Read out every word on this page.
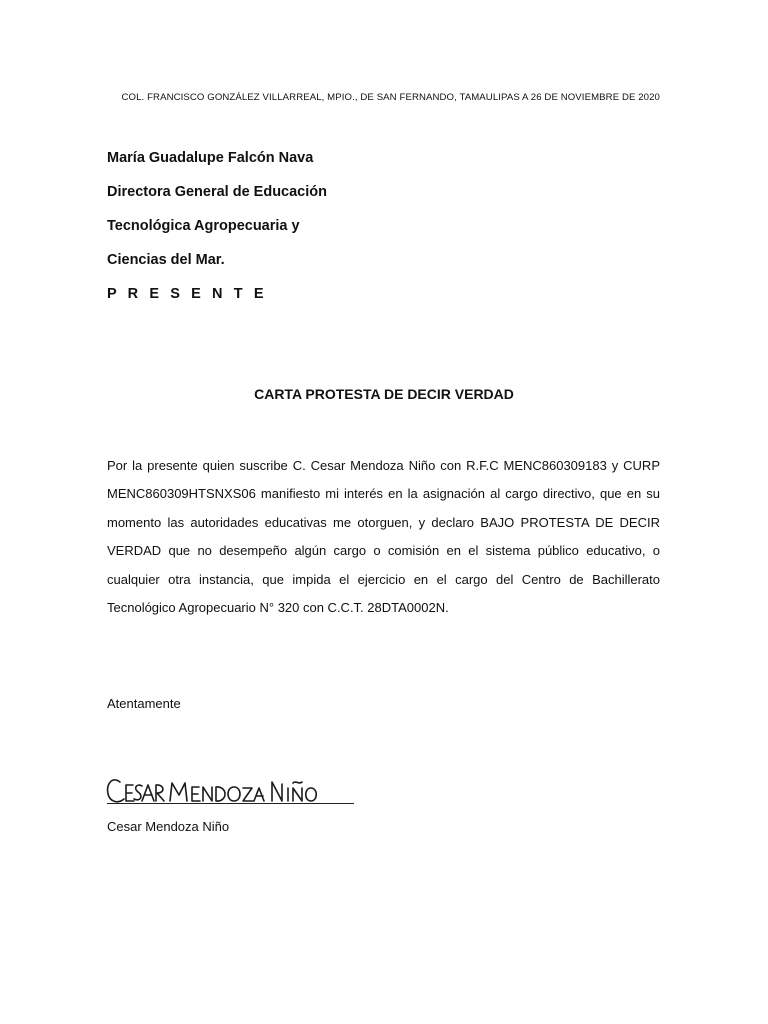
COL. FRANCISCO GONZÁLEZ VILLARREAL, MPIO., DE SAN FERNANDO, TAMAULIPAS A 26 DE NOVIEMBRE DE 2020
María Guadalupe Falcón Nava
Directora General de Educación
Tecnológica Agropecuaria y
Ciencias del Mar.
P R E S E N T E
CARTA PROTESTA DE DECIR VERDAD
Por la presente quien suscribe C. Cesar Mendoza Niño con R.F.C MENC860309183 y CURP MENC860309HTSNXS06 manifiesto mi interés en la asignación al cargo directivo, que en su momento las autoridades educativas me otorguen, y declaro BAJO PROTESTA DE DECIR VERDAD que no desempeño algún cargo o comisión en el sistema público educativo, o cualquier otra instancia, que impida el ejercicio en el cargo del Centro de Bachillerato Tecnológico Agropecuario N° 320 con C.C.T. 28DTA0002N.
Atentamente
Cesar Mendoza Niño
